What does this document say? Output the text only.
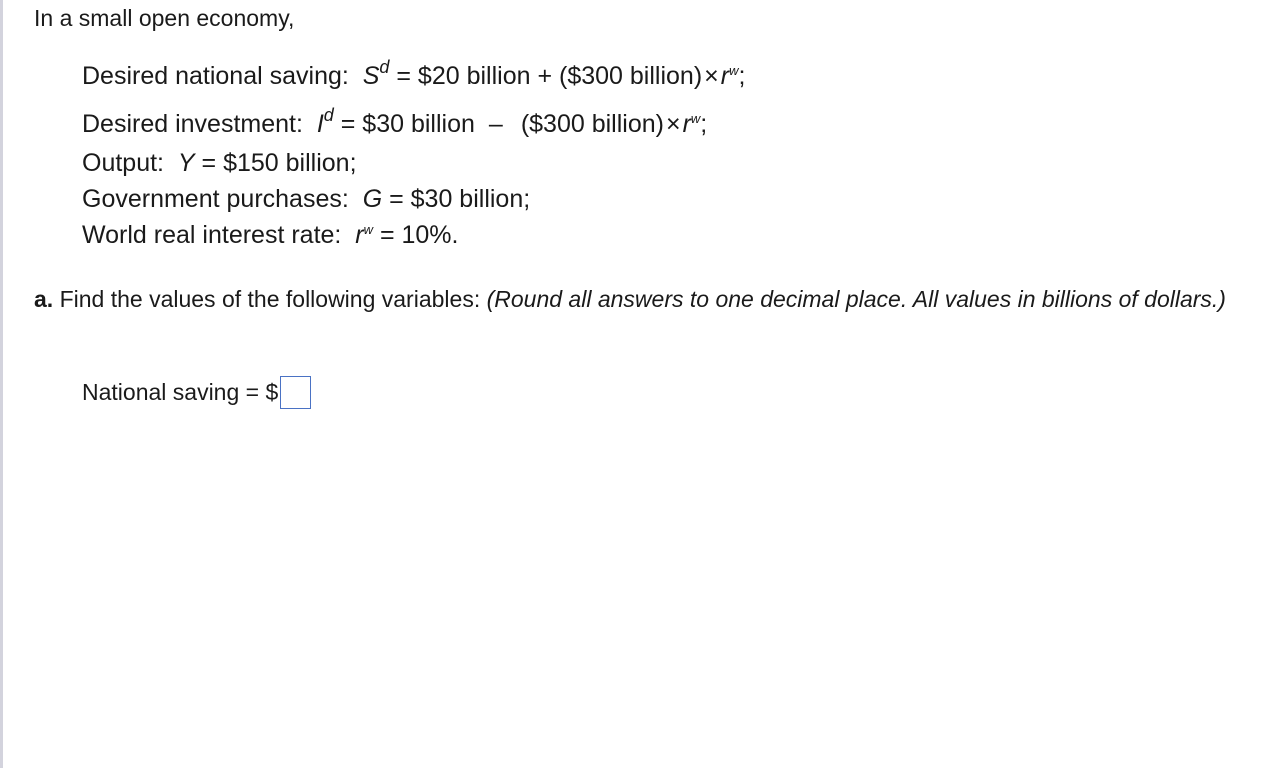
In a small open economy,
Desired national saving: $S^d$ = $20 billion + ($300 $billion)\times r^w$;
Desired investment: $I^d$ = $30 billion – ($300 $billion)\times r^w$;
Output: Y = $150 billion;
Government purchases: G = $30 billion;
World real interest rate: $r^w = 10\%$.
a. Find the values of the following variables: (Round all answers to one decimal place. All values in billions of dollars.)
National saving = $
